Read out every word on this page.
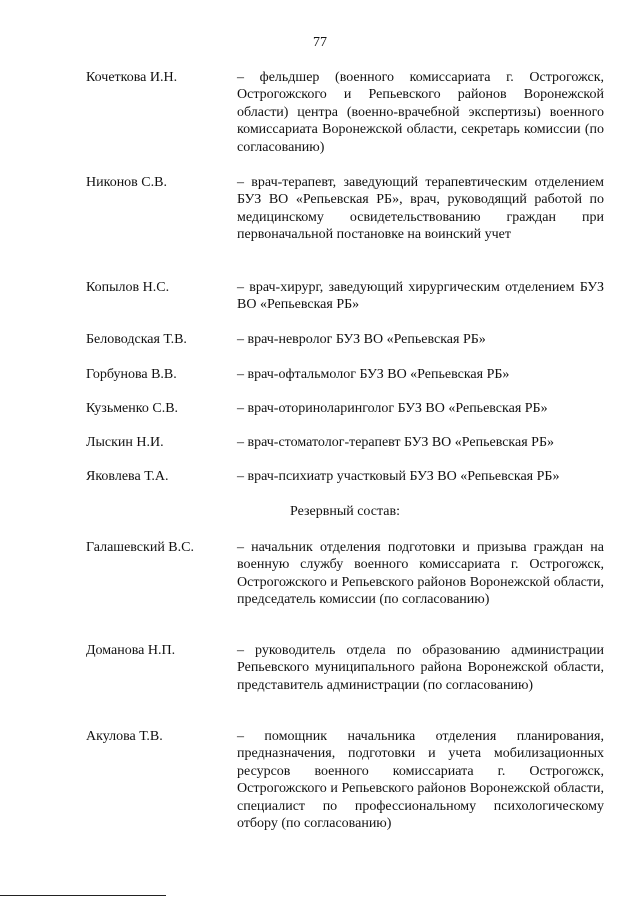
77
Кочеткова И.Н.	– фельдшер (военного комиссариата г. Острогожск, Острогожского и Репьевского районов Воронежской области) центра (военно-врачебной экспертизы) военного комиссариата Воронежской области, секретарь комиссии (по согласованию)
Никонов С.В.	– врач-терапевт, заведующий терапевтическим отделением БУЗ ВО «Репьевская РБ», врач, руководящий работой по медицинскому освидетельствованию граждан при первоначальной постановке на воинский учет
Копылов Н.С.	– врач-хирург, заведующий хирургическим отделением БУЗ ВО «Репьевская РБ»
Беловодская Т.В.	– врач-невролог БУЗ ВО «Репьевская РБ»
Горбунова В.В.	– врач-офтальмолог БУЗ ВО «Репьевская РБ»
Кузьменко С.В.	– врач-оториноларинголог БУЗ ВО «Репьевская РБ»
Лыскин Н.И.	– врач-стоматолог-терапевт БУЗ ВО «Репьевская РБ»
Яковлева Т.А.	– врач-психиатр участковый БУЗ ВО «Репьевская РБ»
Резервный состав:
Галашевский В.С.	– начальник отделения подготовки и призыва граждан на военную службу военного комиссариата г. Острогожск, Острогожского и Репьевского районов Воронежской области, председатель комиссии (по согласованию)
Доманова Н.П.	– руководитель отдела по образованию администрации Репьевского муниципального района Воронежской области, представитель администрации (по согласованию)
Акулова Т.В.	– помощник начальника отделения планирования, предназначения, подготовки и учета мобилизационных ресурсов военного комиссариата г. Острогожск, Острогожского и Репьевского районов Воронежской области, специалист по профессиональному психологическому отбору (по согласованию)
